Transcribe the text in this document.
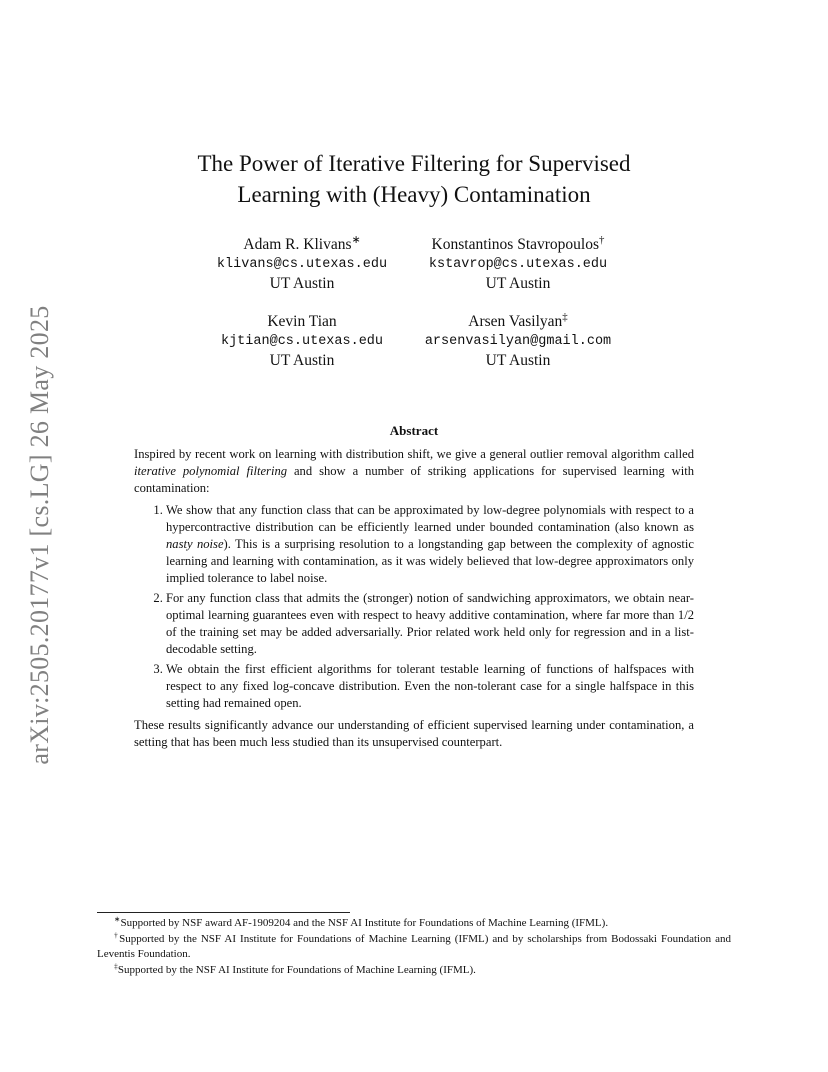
arXiv:2505.20177v1 [cs.LG] 26 May 2025
The Power of Iterative Filtering for Supervised
Learning with (Heavy) Contamination
Adam R. Klivans∗
klivans@cs.utexas.edu
UT Austin
Konstantinos Stavropoulos†
kstavrop@cs.utexas.edu
UT Austin
Kevin Tian
kjtian@cs.utexas.edu
UT Austin
Arsen Vasilyan‡
arsenvasilyan@gmail.com
UT Austin
Abstract

Inspired by recent work on learning with distribution shift, we give a general outlier removal algorithm called iterative polynomial filtering and show a number of striking applications for supervised learning with contamination:

1. We show that any function class that can be approximated by low-degree polynomials with respect to a hypercontractive distribution can be efficiently learned under bounded contamination (also known as nasty noise). This is a surprising resolution to a longstanding gap between the complexity of agnostic learning and learning with contamination, as it was widely believed that low-degree approximators only implied tolerance to label noise.
2. For any function class that admits the (stronger) notion of sandwiching approximators, we obtain near-optimal learning guarantees even with respect to heavy additive contamination, where far more than 1/2 of the training set may be added adversarially. Prior related work held only for regression and in a list-decodable setting.
3. We obtain the first efficient algorithms for tolerant testable learning of functions of halfspaces with respect to any fixed log-concave distribution. Even the non-tolerant case for a single halfspace in this setting had remained open.

These results significantly advance our understanding of efficient supervised learning under contamination, a setting that has been much less studied than its unsupervised counterpart.

∗Supported by NSF award AF-1909204 and the NSF AI Institute for Foundations of Machine Learning (IFML).

†Supported by the NSF AI Institute for Foundations of Machine Learning (IFML) and by scholarships from Bodossaki Foundation and Leventis Foundation.

‡Supported by the NSF AI Institute for Foundations of Machine Learning (IFML).
